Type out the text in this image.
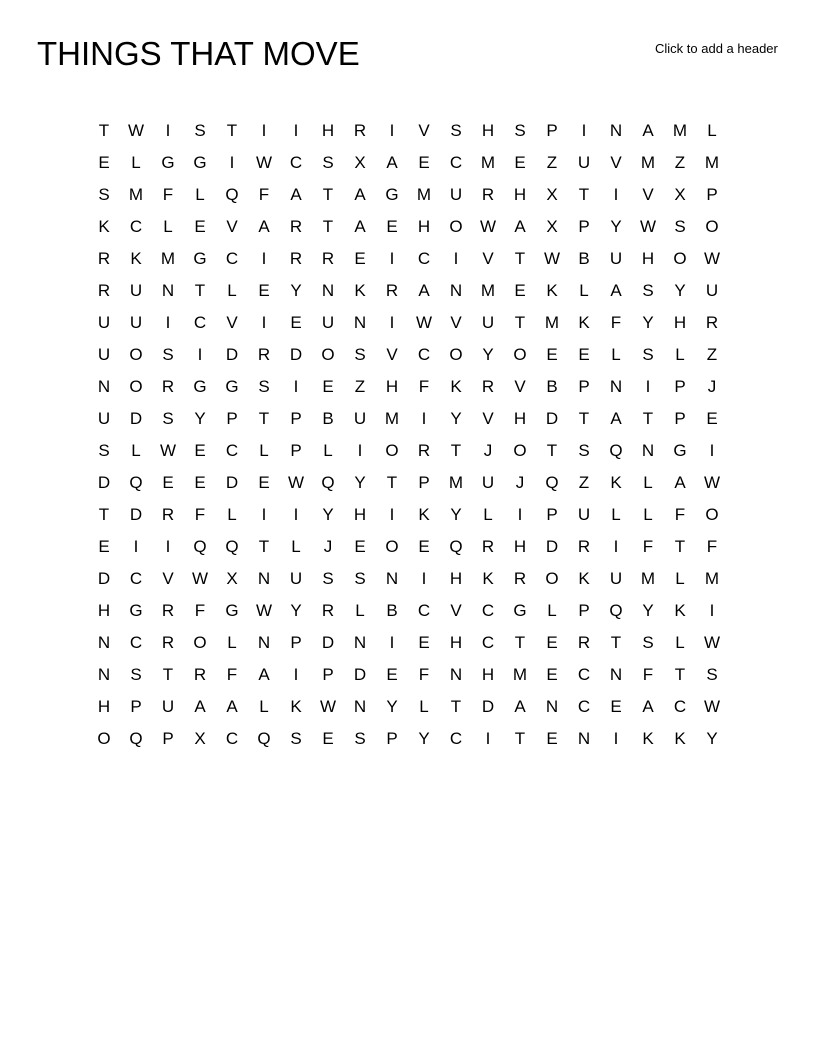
THINGS THAT MOVE	Click to add a header
T	W	I	S	T	I	I	H	R	I	V	S	H	S	P	I	N	A	M	L
E	L	G	G	I	W	C	S	X	A	E	C	M	E	Z	U	V	M	Z	M
S	M	F	L	Q	F	A	T	A	G	M	U	R	H	X	T	I	V	X	P
K	C	L	E	V	A	R	T	A	E	H	O	W	A	X	P	Y	W	S	O
R	K	M	G	C	I	R	R	E	I	C	I	V	T	W	B	U	H	O	W
R	U	N	T	L	E	Y	N	K	R	A	N	M	E	K	L	A	S	Y	U
U	U	I	C	V	I	E	U	N	I	W	V	U	T	M	K	F	Y	H	R
U	O	S	I	D	R	D	O	S	V	C	O	Y	O	E	E	L	S	L	Z
N	O	R	G	G	S	I	E	Z	H	F	K	R	V	B	P	N	I	P	J
U	D	S	Y	P	T	P	B	U	M	I	Y	V	H	D	T	A	T	P	E
S	L	W	E	C	L	P	L	I	O	R	T	J	O	T	S	Q	N	G	I
D	Q	E	E	D	E	W	Q	Y	T	P	M	U	J	Q	Z	K	L	A	W
T	D	R	F	L	I	I	Y	H	I	K	Y	L	I	P	U	L	L	F	O
E	I	I	Q	Q	T	L	J	E	O	E	Q	R	H	D	R	I	F	T	F
D	C	V	W	X	N	U	S	S	N	I	H	K	R	O	K	U	M	L	M
H	G	R	F	G	W	Y	R	L	B	C	V	C	G	L	P	Q	Y	K	I
N	C	R	O	L	N	P	D	N	I	E	H	C	T	E	R	T	S	L	W
N	S	T	R	F	A	I	P	D	E	F	N	H	M	E	C	N	F	T	S
H	P	U	A	A	L	K	W	N	Y	L	T	D	A	N	C	E	A	C	W
O	Q	P	X	C	Q	S	E	S	P	Y	C	I	T	E	N	I	K	K	Y
